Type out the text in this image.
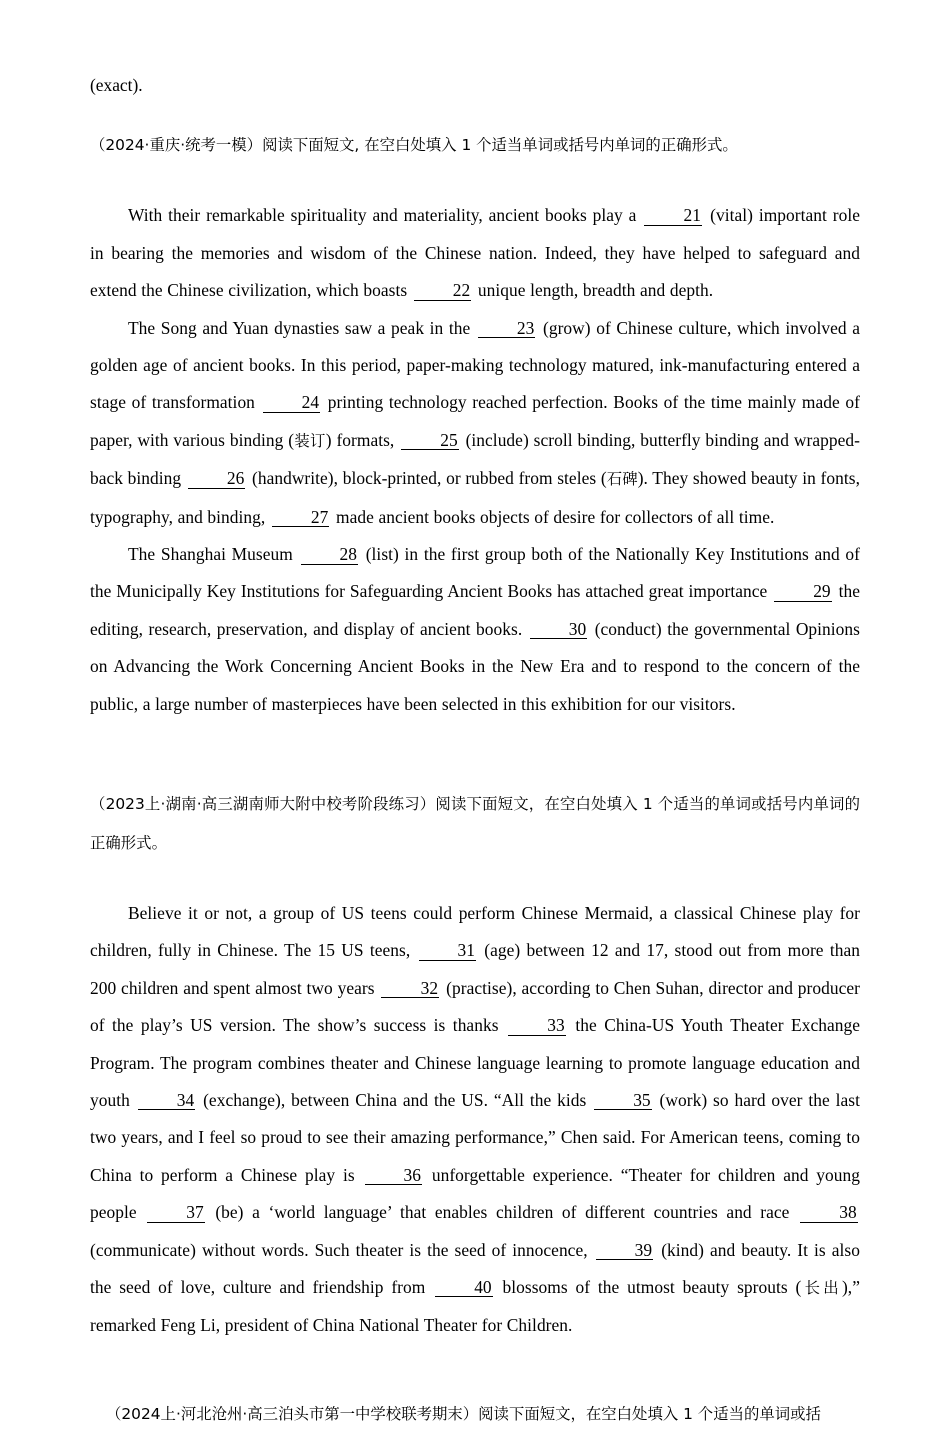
(exact).

（2024·重庆·统考一模）阅读下面短文, 在空白处填入 1 个适当单词或括号内单词的正确形式。

With their remarkable spirituality and materiality, ancient books play a 21 (vital) important role in bearing the memories and wisdom of the Chinese nation. Indeed, they have helped to safeguard and extend the Chinese civilization, which boasts 22 unique length, breadth and depth.

The Song and Yuan dynasties saw a peak in the 23 (grow) of Chinese culture, which involved a golden age of ancient books. In this period, paper-making technology matured, ink-manufacturing entered a stage of transformation 24 printing technology reached perfection. Books of the time mainly made of paper, with various binding (装订) formats, 25 (include) scroll binding, butterfly binding and wrapped-back binding 26 (handwrite), block-printed, or rubbed from steles (石碑). They showed beauty in fonts, typography, and binding, 27 made ancient books objects of desire for collectors of all time.

The Shanghai Museum 28 (list) in the first group both of the Nationally Key Institutions and of the Municipally Key Institutions for Safeguarding Ancient Books has attached great importance 29 the editing, research, preservation, and display of ancient books. 30 (conduct) the governmental Opinions on Advancing the Work Concerning Ancient Books in the New Era and to respond to the concern of the public, a large number of masterpieces have been selected in this exhibition for our visitors.

（2023上·湖南·高三湖南师大附中校考阶段练习）阅读下面短文，在空白处填入 1 个适当的单词或括号内单词的正确形式。

Believe it or not, a group of US teens could perform Chinese Mermaid, a classical Chinese play for children, fully in Chinese. The 15 US teens, 31 (age) between 12 and 17, stood out from more than 200 children and spent almost two years 32 (practise), according to Chen Suhan, director and producer of the play’s US version. The show’s success is thanks 33 the China-US Youth Theater Exchange Program. The program combines theater and Chinese language learning to promote language education and youth 34 (exchange), between China and the US. “All the kids 35 (work) so hard over the last two years, and I feel so proud to see their amazing performance,” Chen said. For American teens, coming to China to perform a Chinese play is 36 unforgettable experience. “Theater for children and young people 37 (be) a ‘world language’ that enables children of different countries and race 38 (communicate) without words. Such theater is the seed of innocence, 39 (kind) and beauty. It is also the seed of love, culture and friendship from 40 blossoms of the utmost beauty sprouts (长出),” remarked Feng Li, president of China National Theater for Children.

（2024上·河北沧州·高三泊头市第一中学校联考期末）阅读下面短文，在空白处填入 1 个适当的单词或括
